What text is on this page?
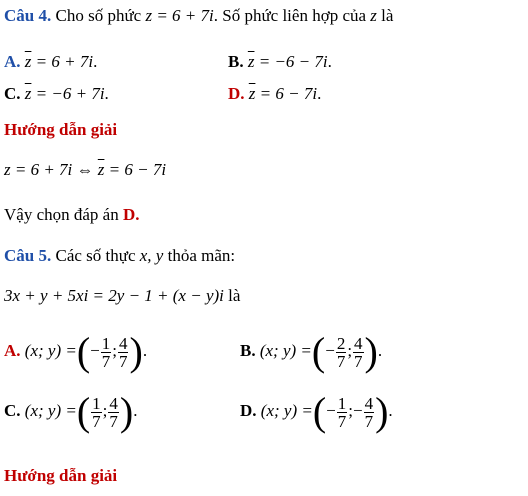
Câu 4. Cho số phức z = 6 + 7i. Số phức liên hợp của z là
A. $\overline{z} = 6 + 7i$.	B. $\overline{z} = -6 - 7i$.
C. $\overline{z} = -6 + 7i$.	D. $\overline{z} = 6 - 7i$.
Hướng dẫn giải
z = 6 + 7i ⇔ $\overline{z} = 6 - 7i$
Vậy chọn đáp án D.
Câu 5. Các số thực x, y thỏa mãn:
3x + y + 5xi = 2y − 1 + (x − y)i là
A. (x; y) =(− $\frac{1}{7}$ ; $\frac{4}{7}$ ).	B. (x; y) =(− $\frac{2}{7}$ ; $\frac{4}{7}$ ).
C. (x; y) =( $\frac{1}{7}$ ; $\frac{4}{7}$ ).	D. (x; y) =(− $\frac{1}{7}$ ;− $\frac{4}{7}$ ).
Hướng dẫn giải
